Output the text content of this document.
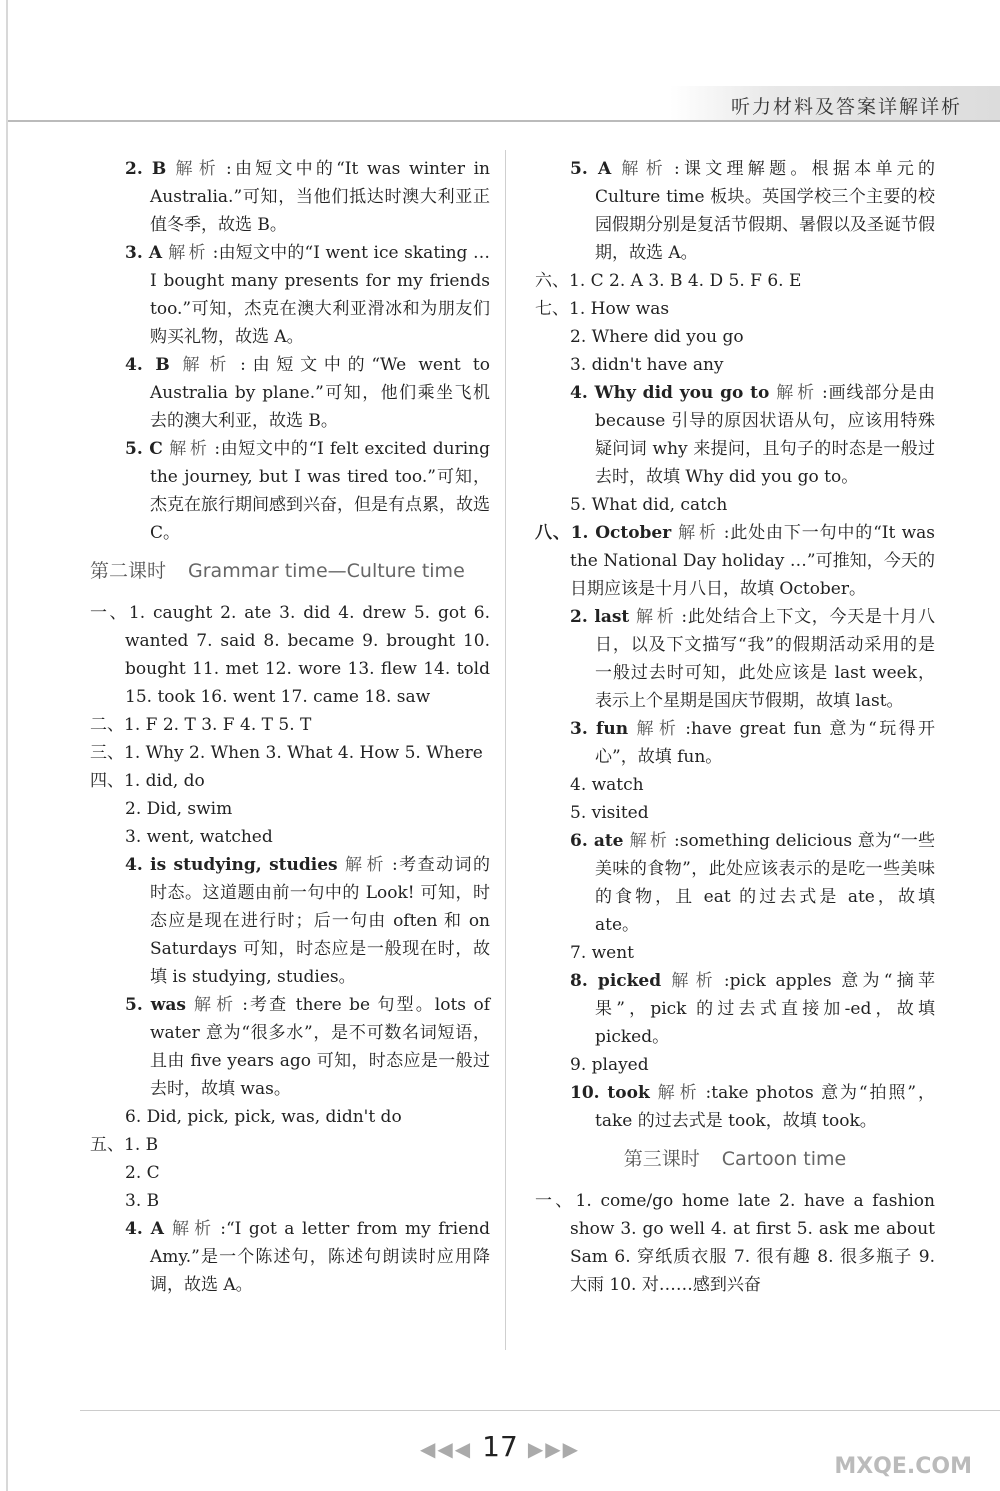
听力材料及答案详解详析
2. B 解析 :由短文中的“It was winter in Australia.”可知，当他们抵达时澳大利亚正值冬季，故选 B。
3. A 解析 :由短文中的“I went ice skating … I bought many presents for my friends too.”可知，杰克在澳大利亚滑冰和为朋友们购买礼物，故选 A。
4. B 解析 :由短文中的“We went to Australia by plane.”可知，他们乘坐飞机去的澳大利亚，故选 B。
5. C 解析 :由短文中的“I felt excited during the journey, but I was tired too.”可知，杰克在旅行期间感到兴奋，但是有点累，故选 C。
第二课时 Grammar time—Culture time
一、1. caught 2. ate 3. did 4. drew 5. got 6. wanted 7. said 8. became 9. brought 10. bought 11. met 12. wore 13. flew 14. told 15. took 16. went 17. came 18. saw
二、1. F 2. T 3. F 4. T 5. T
三、1. Why 2. When 3. What 4. How 5. Where
四、1. did, do
2. Did, swim
3. went, watched
4. is studying, studies 解析 :考查动词的时态。这道题由前一句中的 Look! 可知，时态应是现在进行时；后一句由 often 和 on Saturdays 可知，时态应是一般现在时，故填 is studying, studies。
5. was 解析 :考查 there be 句型。lots of water 意为“很多水”，是不可数名词短语，且由 five years ago 可知，时态应是一般过去时，故填 was。
6. Did, pick, pick, was, didn't do
五、1. B
2. C
3. B
4. A 解析 :“I got a letter from my friend Amy.”是一个陈述句，陈述句朗读时应用降调，故选 A。
5. A 解析 :课文理解题。根据本单元的 Culture time 板块。英国学校三个主要的校园假期分别是复活节假期、暑假以及圣诞节假期，故选 A。
六、1. C 2. A 3. B 4. D 5. F 6. E
七、1. How was
2. Where did you go
3. didn't have any
4. Why did you go to 解析 :画线部分是由 because 引导的原因状语从句，应该用特殊疑问词 why 来提问，且句子的时态是一般过去时，故填 Why did you go to。
5. What did, catch
八、1. October 解析 :此处由下一句中的“It was the National Day holiday …”可推知，今天的日期应该是十月八日，故填 October。
2. last 解析 :此处结合上下文，今天是十月八日，以及下文描写“我”的假期活动采用的是一般过去时可知，此处应该是 last week，表示上个星期是国庆节假期，故填 last。
3. fun 解析 :have great fun 意为“玩得开心”，故填 fun。
4. watch
5. visited
6. ate 解析 :something delicious 意为“一些美味的食物”，此处应该表示的是吃一些美味的食物，且 eat 的过去式是 ate，故填 ate。
7. went
8. picked 解析 :pick apples 意为“摘苹果”，pick 的过去式直接加-ed，故填 picked。
9. played
10. took 解析 :take photos 意为“拍照”，take 的过去式是 took，故填 took。
第三课时 Cartoon time
一、1. come/go home late 2. have a fashion show 3. go well 4. at first 5. ask me about Sam 6. 穿纸质衣服 7. 很有趣 8. 很多瓶子 9. 大雨 10. 对……感到兴奋
◀◀◀ 17 ▶▶▶
MXQE.COM
